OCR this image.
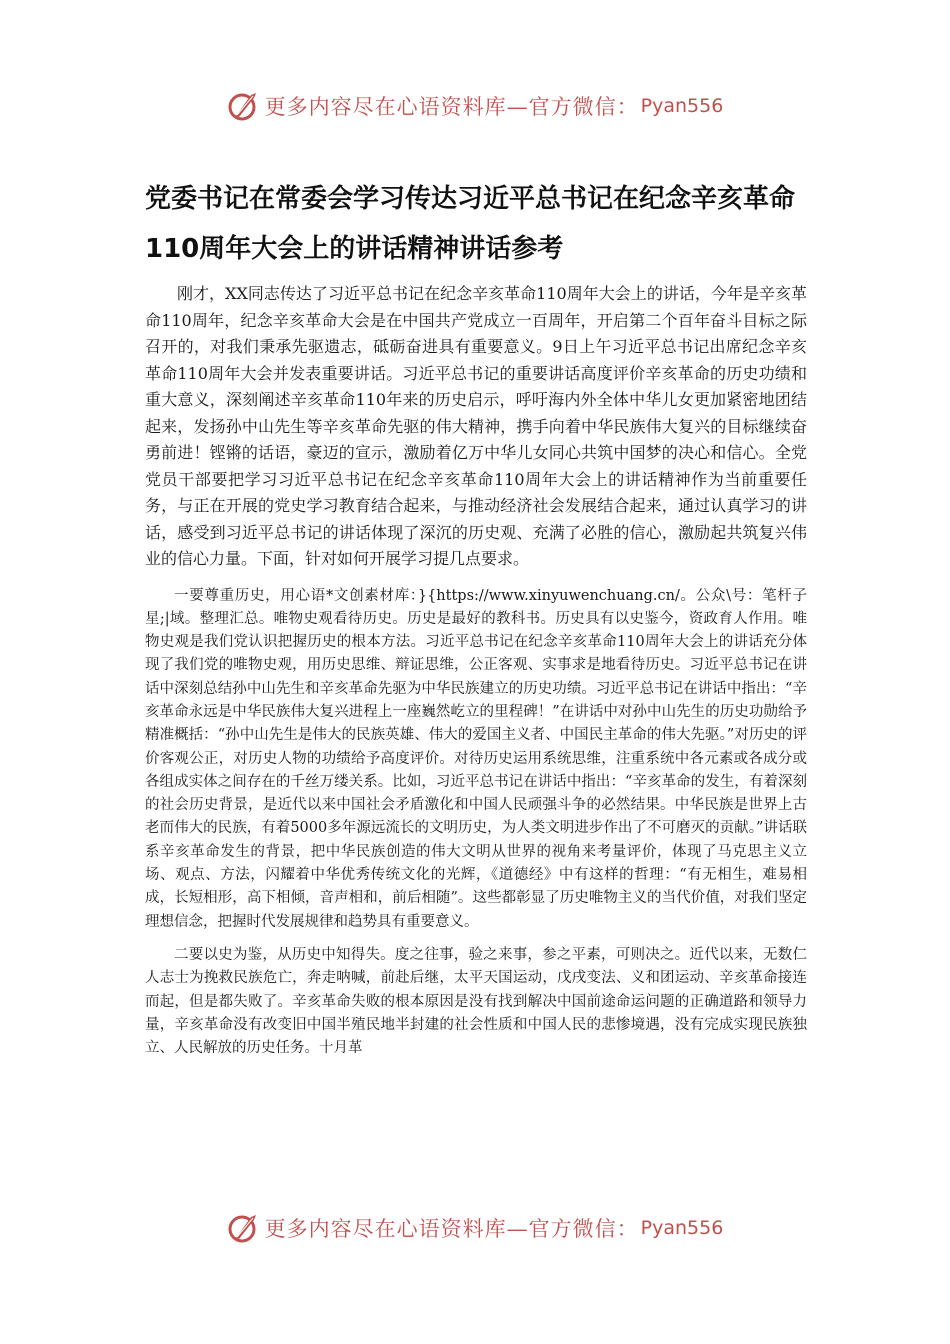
更多内容尽在心语资料库—官方微信： Pyan556
党委书记在常委会学习传达习近平总书记在纪念辛亥革命110周年大会上的讲话精神讲话参考

刚才，XX同志传达了习近平总书记在纪念辛亥革命110周年大会上的讲话，今年是辛亥革命110周年，纪念辛亥革命大会是在中国共产党成立一百周年，开启第二个百年奋斗目标之际召开的，对我们秉承先驱遗志，砥砺奋进具有重要意义。9日上午习近平总书记出席纪念辛亥革命110周年大会并发表重要讲话。习近平总书记的重要讲话高度评价辛亥革命的历史功绩和重大意义，深刻阐述辛亥革命110年来的历史启示，呼吁海内外全体中华儿女更加紧密地团结起来，发扬孙中山先生等辛亥革命先驱的伟大精神，携手向着中华民族伟大复兴的目标继续奋勇前进！铿锵的话语，豪迈的宣示，激励着亿万中华儿女同心共筑中国梦的决心和信心。全党党员干部要把学习习近平总书记在纪念辛亥革命110周年大会上的讲话精神作为当前重要任务，与正在开展的党史学习教育结合起来，与推动经济社会发展结合起来，通过认真学习的讲话，感受到习近平总书记的讲话体现了深沉的历史观、充满了必胜的信心，激励起共筑复兴伟业的信心力量。下面，针对如何开展学习提几点要求。

一要尊重历史，用心语*文创素材库：}{https://www.xinyuwenchuang.cn/。公众\号：笔杆子星;|域。整理汇总。唯物史观看待历史。历史是最好的教科书。历史具有以史鉴今，资政育人作用。唯物史观是我们党认识把握历史的根本方法。习近平总书记在纪念辛亥革命110周年大会上的讲话充分体现了我们党的唯物史观，用历史思维、辩证思维，公正客观、实事求是地看待历史。习近平总书记在讲话中深刻总结孙中山先生和辛亥革命先驱为中华民族建立的历史功绩。习近平总书记在讲话中指出：“辛亥革命永远是中华民族伟大复兴进程上一座巍然屹立的里程碑！”在讲话中对孙中山先生的历史功勋给予精准概括：“孙中山先生是伟大的民族英雄、伟大的爱国主义者、中国民主革命的伟大先驱。”对历史的评价客观公正，对历史人物的功绩给予高度评价。对待历史运用系统思维，注重系统中各元素或各成分或各组成实体之间存在的千丝万缕关系。比如，习近平总书记在讲话中指出：“辛亥革命的发生，有着深刻的社会历史背景，是近代以来中国社会矛盾激化和中国人民顽强斗争的必然结果。中华民族是世界上古老而伟大的民族，有着5000多年源远流长的文明历史，为人类文明进步作出了不可磨灭的贡献。”讲话联系辛亥革命发生的背景，把中华民族创造的伟大文明从世界的视角来考量评价，体现了马克思主义立场、观点、方法，闪耀着中华优秀传统文化的光辉，《道德经》中有这样的哲理：“有无相生，难易相成，长短相形，高下相倾，音声相和，前后相随”。这些都彰显了历史唯物主义的当代价值，对我们坚定理想信念，把握时代发展规律和趋势具有重要意义。

二要以史为鉴，从历史中知得失。度之往事，验之来事，参之平素，可则决之。近代以来，无数仁人志士为挽救民族危亡，奔走呐喊，前赴后继，太平天国运动，戊戌变法、义和团运动、辛亥革命接连而起，但是都失败了。辛亥革命失败的根本原因是没有找到解决中国前途命运问题的正确道路和领导力量，辛亥革命没有改变旧中国半殖民地半封建的社会性质和中国人民的悲惨境遇，没有完成实现民族独立、人民解放的历史任务。十月革

更多内容尽在心语资料库—官方微信： Pyan556
